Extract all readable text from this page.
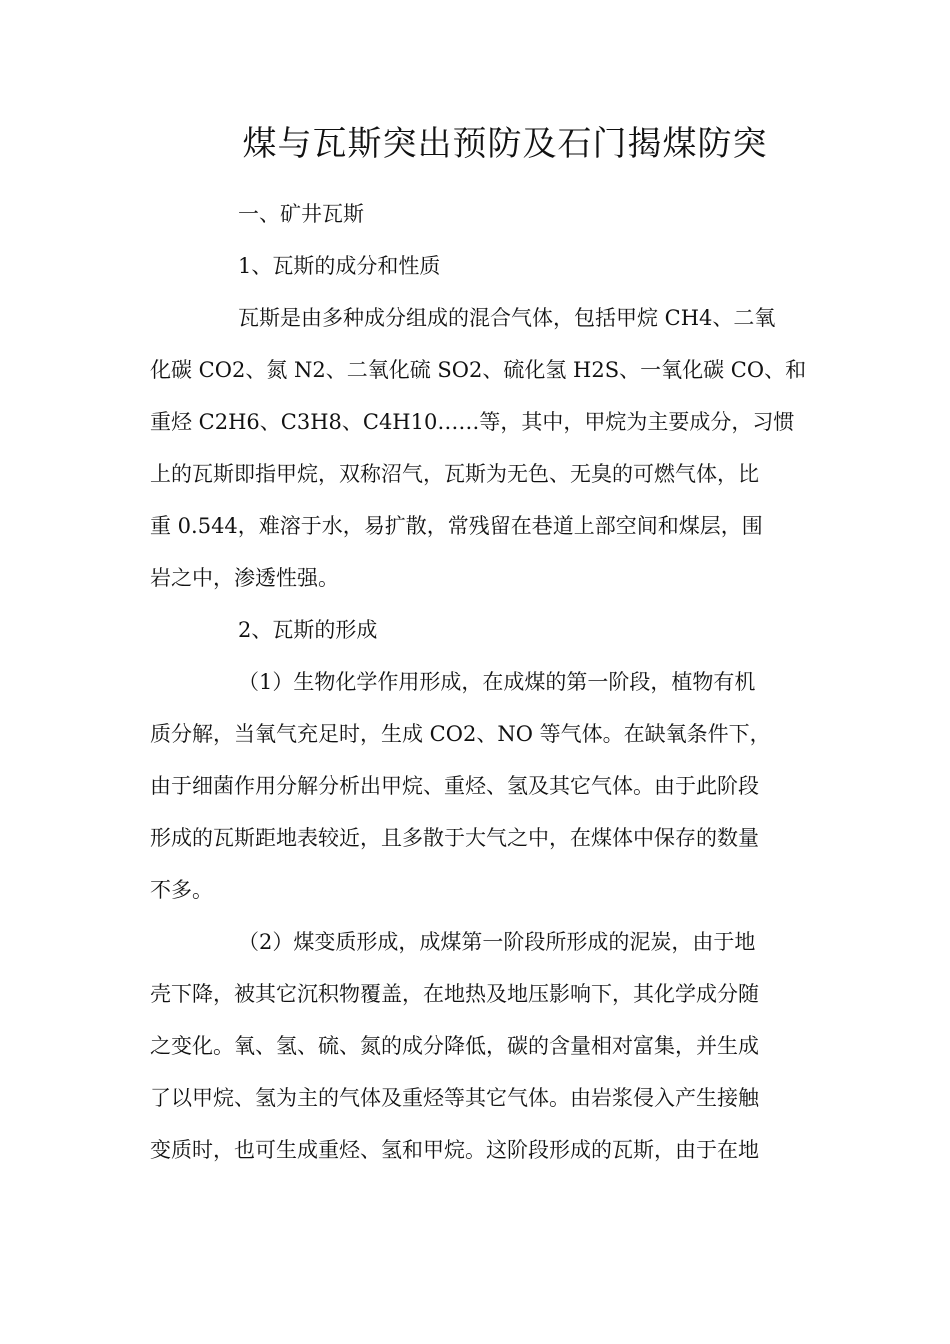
煤与瓦斯突出预防及石门揭煤防突
一、矿井瓦斯
1、瓦斯的成分和性质
瓦斯是由多种成分组成的混合气体，包括甲烷 CH4、二氧
化碳 CO2、氮 N2、二氧化硫 SO2、硫化氢 H2S、一氧化碳 CO、和
重烃 C2H6、C3H8、C4H10……等，其中，甲烷为主要成分，习惯
上的瓦斯即指甲烷，双称沼气，瓦斯为无色、无臭的可燃气体，比
重 0.544，难溶于水，易扩散，常残留在巷道上部空间和煤层，围
岩之中，渗透性强。
2、瓦斯的形成
（1）生物化学作用形成，在成煤的第一阶段，植物有机
质分解，当氧气充足时，生成 CO2、NO 等气体。在缺氧条件下，
由于细菌作用分解分析出甲烷、重烃、氢及其它气体。由于此阶段
形成的瓦斯距地表较近，且多散于大气之中，在煤体中保存的数量
不多。
（2）煤变质形成，成煤第一阶段所形成的泥炭，由于地
壳下降，被其它沉积物覆盖，在地热及地压影响下，其化学成分随
之变化。氧、氢、硫、氮的成分降低，碳的含量相对富集，并生成
了以甲烷、氢为主的气体及重烃等其它气体。由岩浆侵入产生接触
变质时，也可生成重烃、氢和甲烷。这阶段形成的瓦斯，由于在地
